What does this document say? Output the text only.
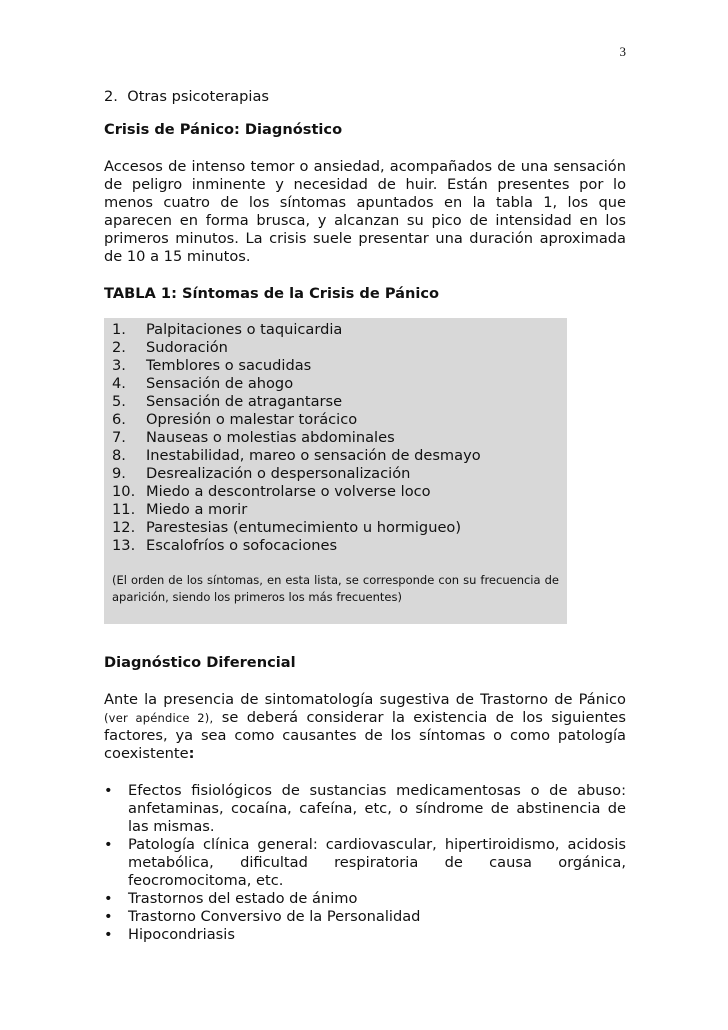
3
2. Otras psicoterapias
Crisis de Pánico: Diagnóstico

Accesos de intenso temor o ansiedad, acompañados de una sensación de peligro inminente y necesidad de huir. Están presentes por lo menos cuatro de los síntomas apuntados en la tabla 1, los que aparecen en forma brusca, y alcanzan su pico de intensidad en los primeros minutos. La crisis suele presentar una duración aproximada de 10 a 15 minutos.

TABLA 1: Síntomas de la Crisis de Pánico
1.	Palpitaciones o taquicardia
2.	Sudoración
3.	Temblores o sacudidas
4.	Sensación de ahogo
5.	Sensación de atragantarse
6.	Opresión o malestar torácico
7.	Nauseas o molestias abdominales
8.	Inestabilidad, mareo o sensación de desmayo
9.	Desrealización o despersonalización
10. Miedo a descontrolarse o volverse loco
11. Miedo a morir
12. Parestesias (entumecimiento u hormigueo)
13. Escalofríos o sofocaciones

(El orden de los síntomas, en esta lista, se corresponde con su frecuencia de aparición, siendo los primeros los más frecuentes)

Diagnóstico Diferencial

Ante la presencia de sintomatología sugestiva de Trastorno de Pánico (ver apéndice 2), se deberá considerar la existencia de los siguientes factores, ya sea como causantes de los síntomas o como patología coexistente:

• Efectos fisiológicos de sustancias medicamentosas o de abuso: anfetaminas, cocaína, cafeína, etc, o síndrome de abstinencia de las mismas.
• Patología clínica general: cardiovascular, hipertiroidismo, acidosis metabólica, dificultad respiratoria de causa orgánica, feocromocitoma, etc.
• Trastornos del estado de ánimo
• Trastorno Conversivo de la Personalidad
• Hipocondriasis
